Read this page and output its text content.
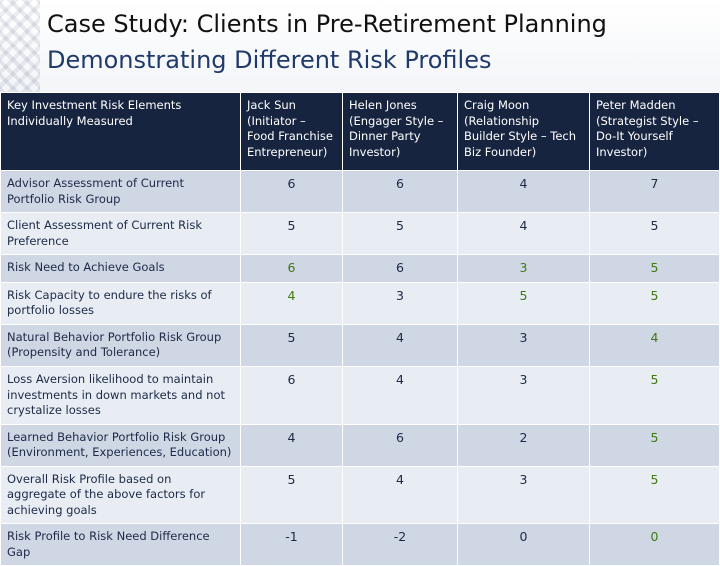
Case Study: Clients in Pre-Retirement Planning
Demonstrating Different Risk Profiles
Key Investment Risk Elements Individually Measured	Jack Sun (Initiator – Food Franchise Entrepreneur)	Helen Jones (Engager Style – Dinner Party Investor)	Craig Moon (Relationship Builder Style – Tech Biz Founder)	Peter Madden (Strategist Style – Do-It Yourself Investor)
Advisor Assessment of Current Portfolio Risk Group	6	6	4	7
Client Assessment of Current Risk Preference	5	5	4	5
Risk Need to Achieve Goals	6	6	3	5
Risk Capacity to endure the risks of portfolio losses	4	3	5	5
Natural Behavior Portfolio Risk Group (Propensity and Tolerance)	5	4	3	4
Loss Aversion likelihood to maintain investments in down markets and not crystalize losses	6	4	3	5
Learned Behavior Portfolio Risk Group (Environment, Experiences, Education)	4	6	2	5
Overall Risk Profile based on aggregate of the above factors for achieving goals	5	4	3	5
Risk Profile to Risk Need Difference Gap	-1	-2	0	0
